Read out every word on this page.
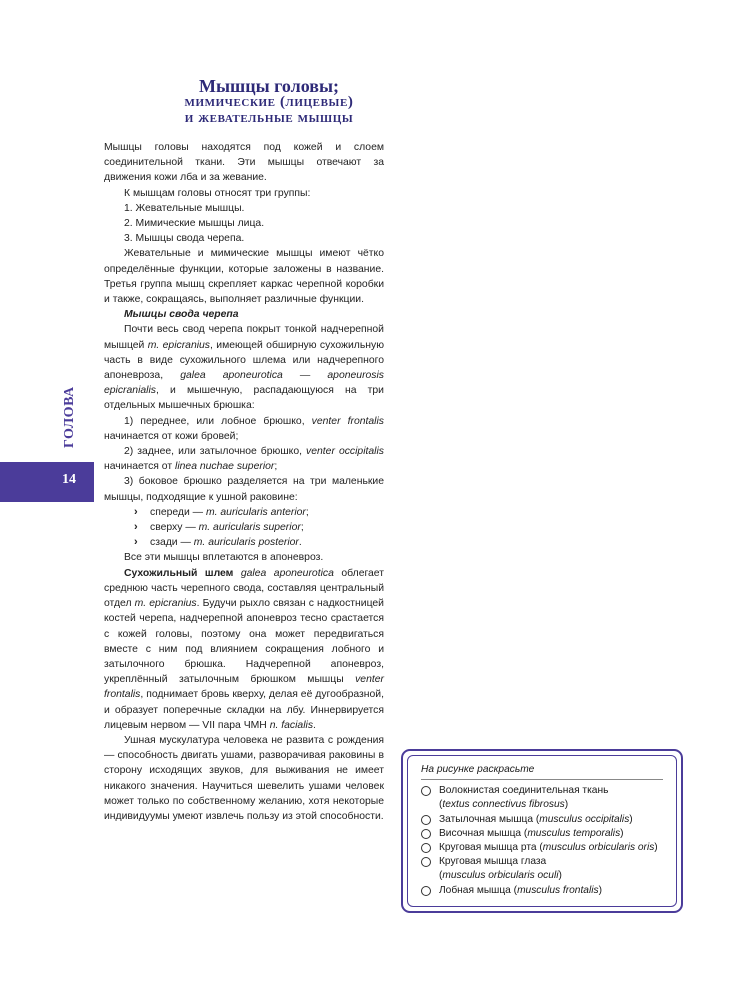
Мышцы головы;
мимические (лицевые)
и жевательные мышцы

Мышцы головы находятся под кожей и слоем соединительной ткани. Эти мышцы отвечают за движения кожи лба и за жевание.

К мышцам головы относят три группы:

1. Жевательные мышцы.

2. Мимические мышцы лица.

3. Мышцы свода черепа.

Жевательные и мимические мышцы имеют чётко определённые функции, которые заложены в название. Третья группа мышц скрепляет каркас черепной коробки и также, сокращаясь, выполняет различные функции.

Мышцы свода черепа

Почти весь свод черепа покрыт тонкой надчерепной мышцей m. epicranius, имеющей обширную сухожильную часть в виде сухожильного шлема или надчерепного апоневроза, galea aponeurotica — aponeurosis epicranialis, и мышечную, распадающуюся на три отдельных мышечных брюшка:

1) переднее, или лобное брюшко, venter frontalis начинается от кожи бровей;

2) заднее, или затылочное брюшко, venter occipitalis начинается от linea nuchae superior;

3) боковое брюшко разделяется на три маленькие мышцы, подходящие к ушной раковине:

› спереди — m. auricularis anterior;

› сверху — m. auricularis superior;

› сзади — m. auricularis posterior.

Все эти мышцы вплетаются в апоневроз.

Сухожильный шлем galea aponeurotica облегает среднюю часть черепного свода, составляя центральный отдел m. epicranius. Будучи рыхло связан с надкостницей костей черепа, надчерепной апоневроз тесно срастается с кожей головы, поэтому она может передвигаться вместе с ним под влиянием сокращения лобного и затылочного брюшка. Надчерепной апоневроз, укреплённый затылочным брюшком мышцы venter frontalis, поднимает бровь кверху, делая её дугообразной, и образует поперечные складки на лбу. Иннервируется лицевым нервом — VII пара ЧМН n. facialis.

Ушная мускулатура человека не развита с рождения — способность двигать ушами, разворачивая раковины в сторону исходящих звуков, для выживания не имеет никакого значения. Научиться шевелить ушами человек может только по собственному желанию, хотя некоторые индивидуумы умеют извлечь пользу из этой способности.

ГОЛОВА
14
На рисунке раскрасьте
Волокнистая соединительная ткань
(textus connectivus fibrosus)
Затылочная мышца (musculus occipitalis)
Височная мышца (musculus temporalis)
Круговая мышца рта (musculus orbicularis oris)
Круговая мышца глаза
(musculus orbicularis oculi)
Лобная мышца (musculus frontalis)
